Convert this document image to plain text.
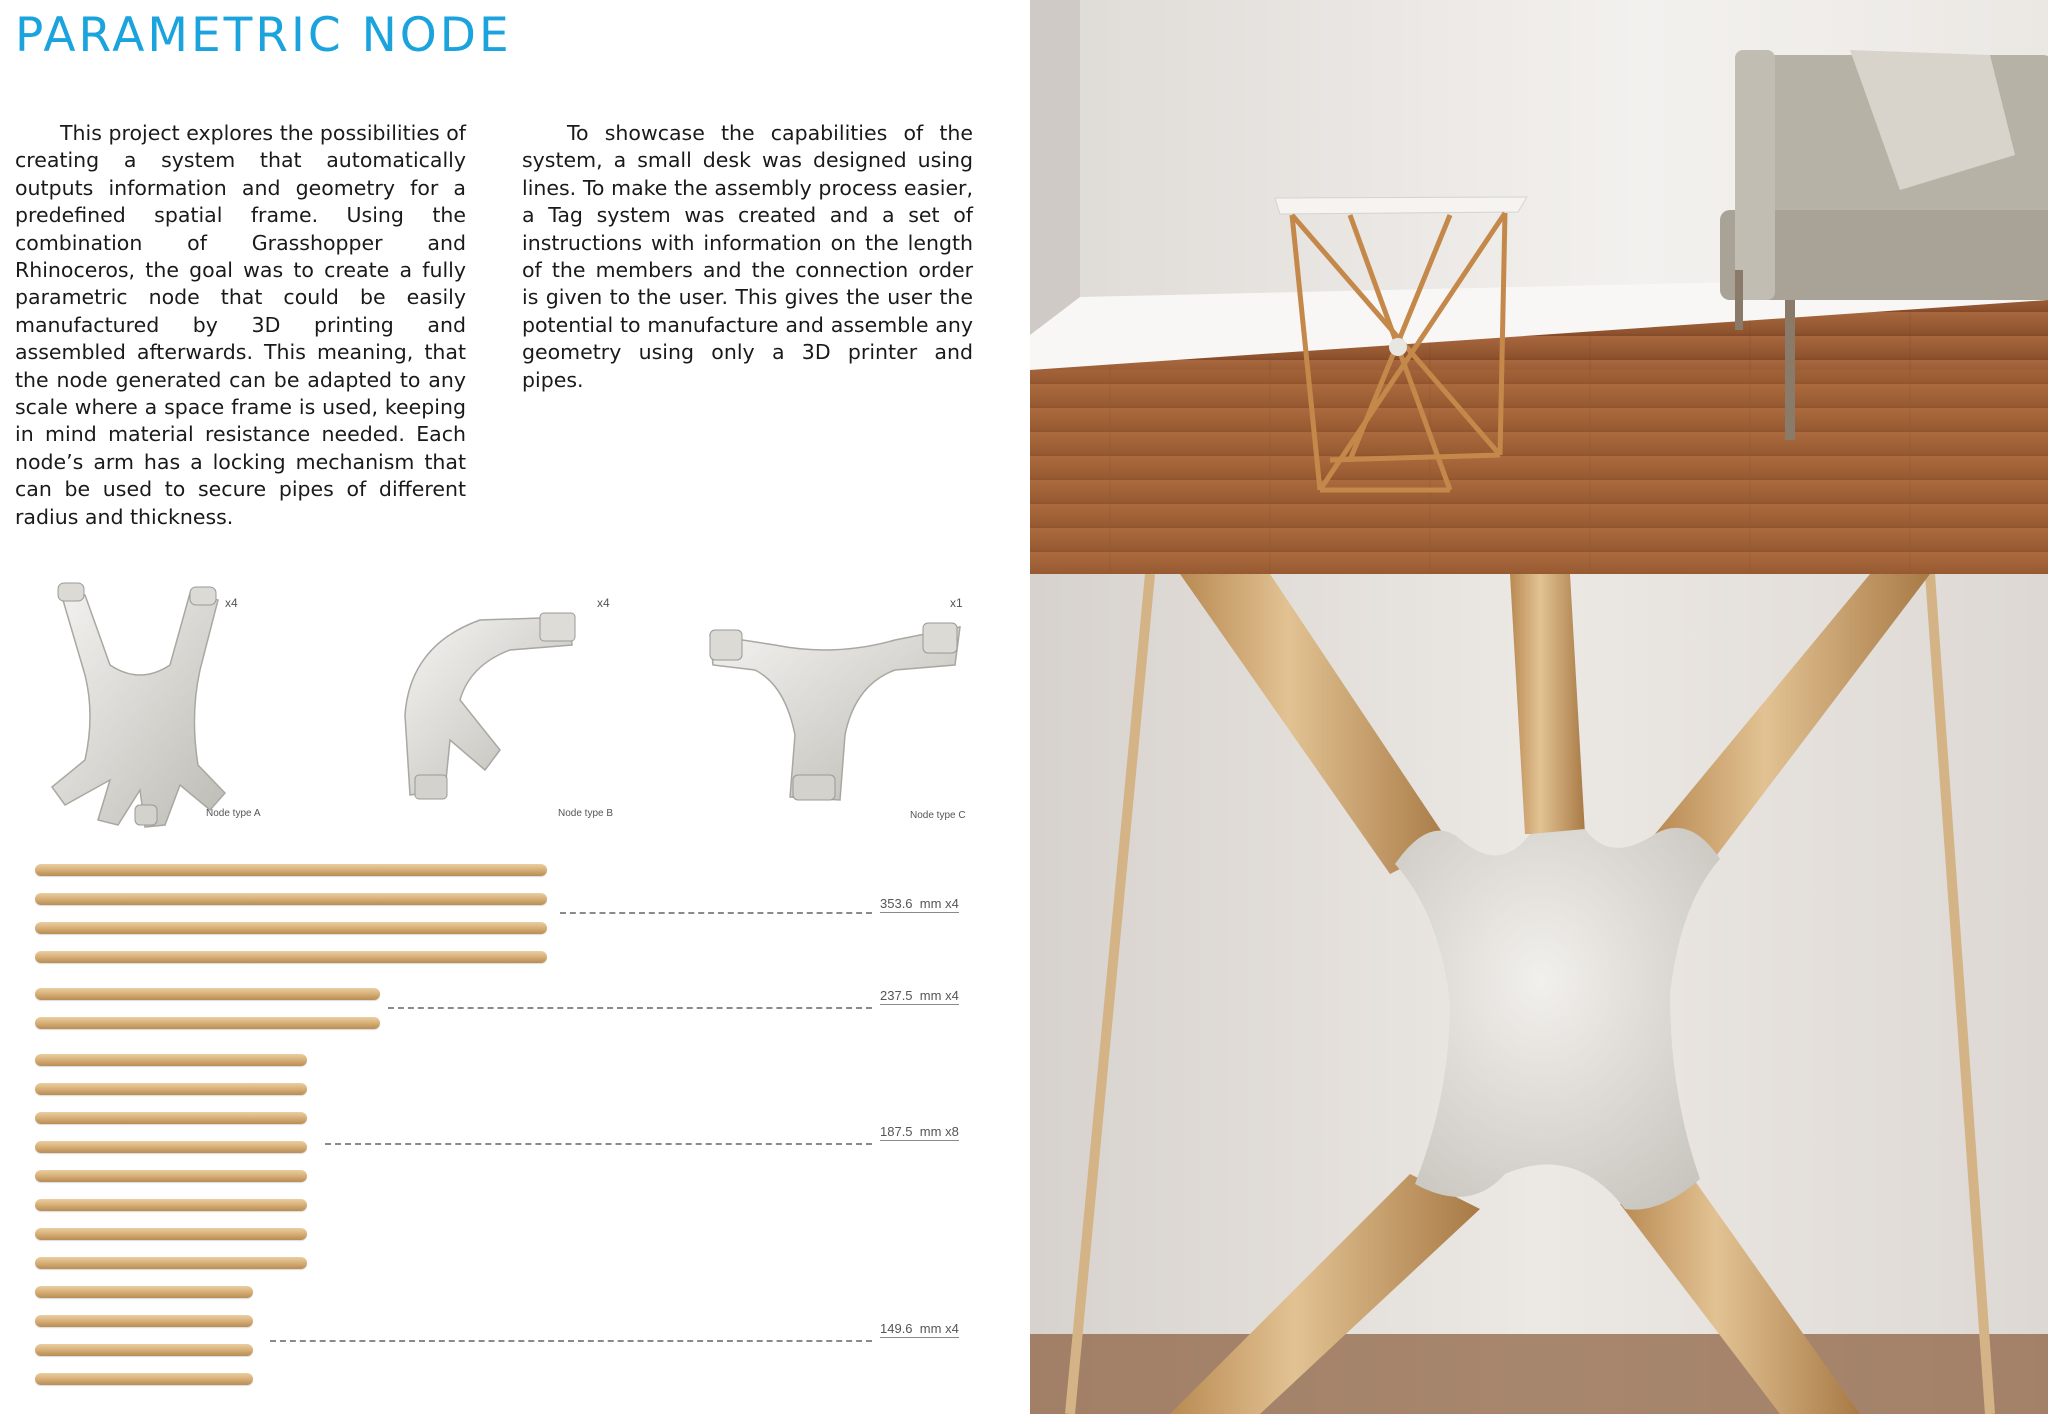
PARAMETRIC NODE

This project explores the possibilities of creating a system that automatically outputs information and geometry for a predefined spatial frame. Using the combination of Grasshopper and Rhinoceros, the goal was to create a fully parametric node that could be easily manufactured by 3D printing and assembled afterwards. This meaning, that the node generated can be adapted to any scale where a space frame is used, keeping in mind material resistance needed. Each node’s arm has a locking mechanism that can be used to secure pipes of different radius and thickness.

To showcase the capabilities of the system, a small desk was designed using lines. To make the assembly process easier, a Tag system was created and a set of instructions with information on the length of the members and the connection order is given to the user. This gives the user the potential to manufacture and assemble any geometry using only a 3D printer and pipes.

x4
Node type A
x4
Node type B
x1
Node type C
353.6 mm x4
237.5 mm x4
187.5 mm x8
149.6 mm x4
